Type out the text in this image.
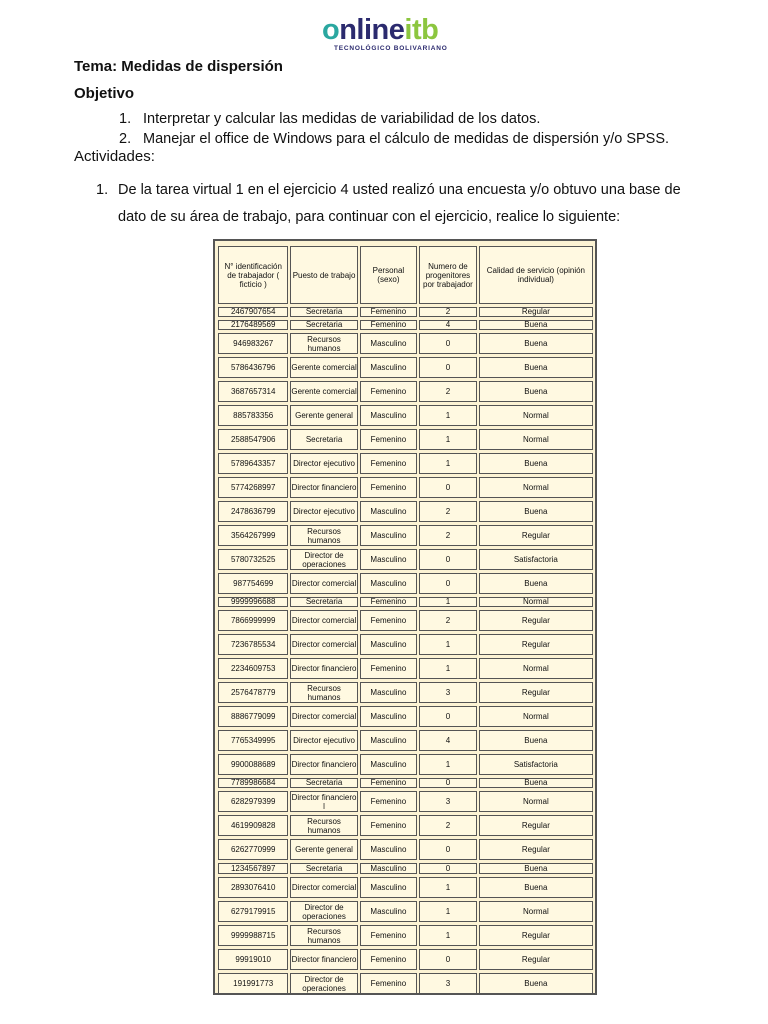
onlineitb
TECNOLÓGICO BOLIVARIANO
Tema: Medidas de dispersión
Objetivo
1. Interpretar y calcular las medidas de variabilidad de los datos.
2. Manejar el office de Windows para el cálculo de medidas de dispersión y/o SPSS.
Actividades:
1. De la tarea virtual 1 en el ejercicio 4 usted realizó una encuesta y/o obtuvo una base de dato de su área de trabajo, para continuar con el ejercicio, realice lo siguiente:
N° identificación de trabajador ( ficticio )		Puesto de trabajo		Personal (sexo)		Numero de progenitores por trabajador		Calidad de servicio (opinión individual)
2467907654		Secretaria		Femenino		2		Regular
2176489569		Secretaria		Femenino		4		Buena
946983267		Recursos humanos		Masculino		0		Buena
5786436796		Gerente comercial		Masculino		0		Buena
3687657314		Gerente comercial		Femenino		2		Buena
885783356		Gerente general		Masculino		1		Normal
2588547906		Secretaria		Femenino		1		Normal
5789643357		Director ejecutivo		Femenino		1		Buena
5774268997		Director financiero		Femenino		0		Normal
2478636799		Director ejecutivo		Masculino		2		Buena
3564267999		Recursos humanos		Masculino		2		Regular
5780732525		Director de operaciones		Masculino		0		Satisfactoria
987754699		Director comercial		Masculino		0		Buena
9999996688		Secretaria		Femenino		1		Normal
7866999999		Director comercial		Femenino		2		Regular
7236785534		Director comercial		Masculino		1		Regular
2234609753		Director financiero		Femenino		1		Normal
2576478779		Recursos humanos		Masculino		3		Regular
8886779099		Director comercial		Masculino		0		Normal
7765349995		Director ejecutivo		Masculino		4		Buena
9900088689		Director financiero		Masculino		1		Satisfactoria
7789986684		Secretaria		Femenino		0		Buena
6282979399		Director financiero l		Femenino		3		Normal
4619909828		Recursos humanos		Femenino		2		Regular
6262770999		Gerente general		Masculino		0		Regular
1234567897		Secretaria		Masculino		0		Buena
2893076410		Director comercial		Masculino		1		Buena
6279179915		Director de operaciones		Masculino		1		Normal
9999988715		Recursos humanos		Femenino		1		Regular
99919010		Director financiero		Femenino		0		Regular
191991773		Director de operaciones		Femenino		3		Buena
